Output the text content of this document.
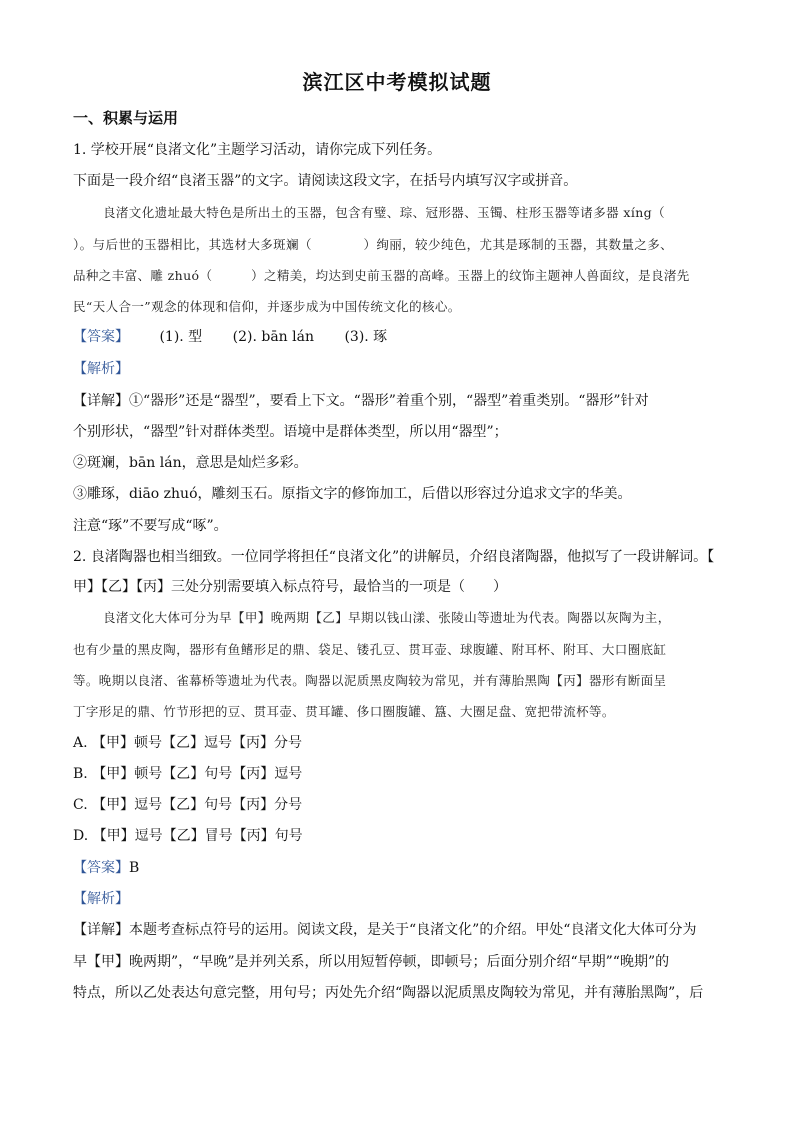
滨江区中考模拟试题
一、积累与运用
1. 学校开展“良渚文化”主题学习活动，请你完成下列任务。
下面是一段介绍“良渚玉器”的文字。请阅读这段文字，在括号内填写汉字或拼音。
良渚文化遗址最大特色是所出土的玉器，包含有璧、琮、冠形器、玉镯、柱形玉器等诸多器 xíng（
）。与后世的玉器相比，其选材大多斑斓（　　　　）绚丽，较少纯色，尤其是琢制的玉器，其数量之多、
品种之丰富、雕 zhuó（　　　）之精美，均达到史前玉器的高峰。玉器上的纹饰主题神人兽面纹，是良渚先
民“天人合一”观念的体现和信仰，并逐步成为中国传统文化的核心。
【答案】 (1). 型 (2). bān lán (3). 琢
【解析】
【详解】①“器形”还是“器型”，要看上下文。“器形”着重个别，“器型”着重类别。“器形”针对
个别形状，“器型”针对群体类型。语境中是群体类型，所以用“器型”；
②斑斓，bān lán，意思是灿烂多彩。
③雕琢，diāo zhuó，雕刻玉石。原指文字的修饰加工，后借以形容过分追求文字的华美。
注意“琢”不要写成“啄”。
2. 良渚陶器也相当细致。一位同学将担任“良渚文化”的讲解员，介绍良渚陶器，他拟写了一段讲解词。【
甲】【乙】【丙】三处分别需要填入标点符号，最恰当的一项是（　　）
良渚文化大体可分为早【甲】晚两期【乙】早期以钱山漾、张陵山等遗址为代表。陶器以灰陶为主，
也有少量的黑皮陶，器形有鱼鳍形足的鼎、袋足、镂孔豆、贯耳壶、球腹罐、附耳杯、附耳、大口圈底缸
等。晚期以良渚、雀幕桥等遗址为代表。陶器以泥质黑皮陶较为常见，并有薄胎黑陶【丙】器形有断面呈
丁字形足的鼎、竹节形把的豆、贯耳壶、贯耳罐、侈口圈腹罐、簋、大圈足盘、宽把带流杯等。
A. 【甲】顿号【乙】逗号【丙】分号
B. 【甲】顿号【乙】句号【丙】逗号
C. 【甲】逗号【乙】句号【丙】分号
D. 【甲】逗号【乙】冒号【丙】句号
【答案】B
【解析】
【详解】本题考查标点符号的运用。阅读文段，是关于“良渚文化”的介绍。甲处“良渚文化大体可分为
早【甲】晚两期”，“早晚”是并列关系，所以用短暂停顿，即顿号；后面分别介绍“早期”“晚期”的
特点，所以乙处表达句意完整，用句号；丙处先介绍“陶器以泥质黑皮陶较为常见，并有薄胎黑陶”，后
